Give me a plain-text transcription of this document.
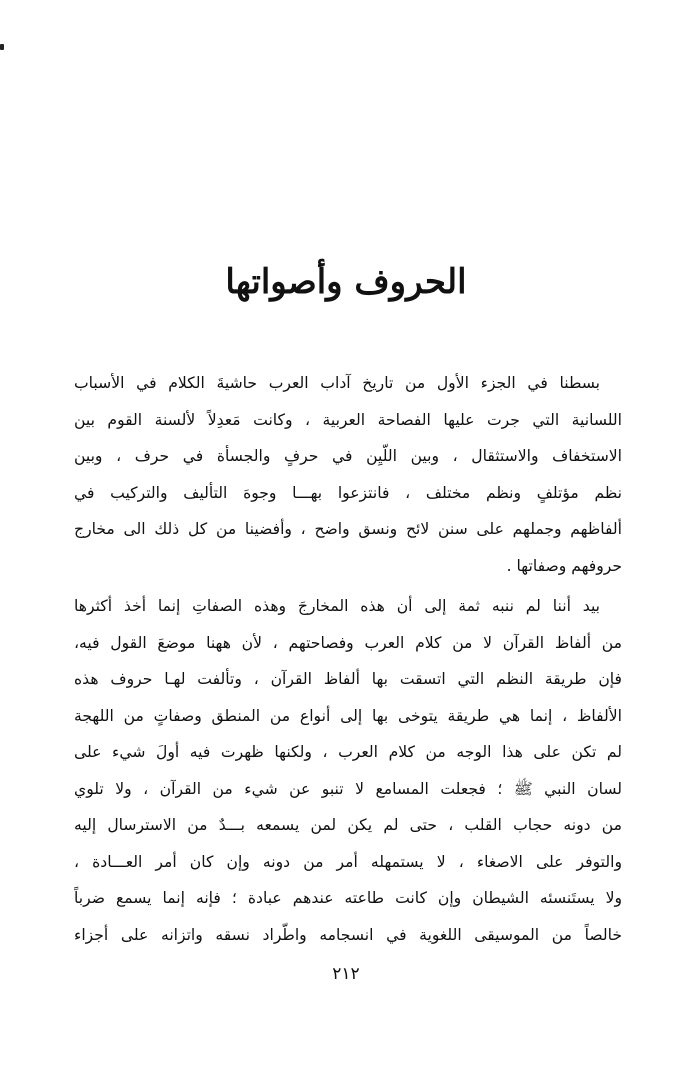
الحروف وأصواتها
بسطنا في الجزء الأول من تاريخ آداب العرب حاشيةَ الكلام في الأسباب
اللسانية التي جرت عليها الفصاحة العربية ، وكانت مَعدِلاً لألسنة القوم بين
الاستخفاف والاستثقال ، وبين اللّيِن في حرفٍ والجسأة في حرف ، وبين
نظم مؤتلفٍ ونظم مختلف ، فانتزعوا بهـــا وجوهَ التأليف والتركيب في
ألفاظهم وجملهم على سنن لائح ونسق واضح ، وأفضينا من كل ذلك الى مخارج
حروفهم وصفاتها .
بيد أننا لم ننبه ثمة إلى أن هذه المخارجَ وهذه الصفاتِ إنما أخذ أكثرها
من ألفاظ القرآن لا من كلام العرب وفصاحتهم ، لأن ههنا موضعَ القول فيه،
فإن طريقة النظم التي اتسقت بها ألفاظ القرآن ، وتألفت لهـا حروف هذه
الألفاظ ، إنما هي طريقة يتوخى بها إلى أنواع من المنطق وصفاتٍ من اللهجة
لم تكن على هذا الوجه من كلام العرب ، ولكنها ظهرت فيه أولَ شيء على
لسان النبي ﷺ ؛ فجعلت المسامع لا تنبو عن شيء من القرآن ، ولا تلوي
من دونه حجاب القلب ، حتى لم يكن لمن يسمعه بـــدٌ من الاسترسال إليه
والتوفر على الاصغاء ، لا يستمهله أمر من دونه وإن كان أمر العـــادة ،
ولا يستَنسئه الشيطان وإن كانت طاعته عندهم عبادة ؛ فإنه إنما يسمع ضرباً
خالصاً من الموسيقى اللغوية في انسجامه واطّراد نسقه واتزانه على أجزاء
٢١٢
